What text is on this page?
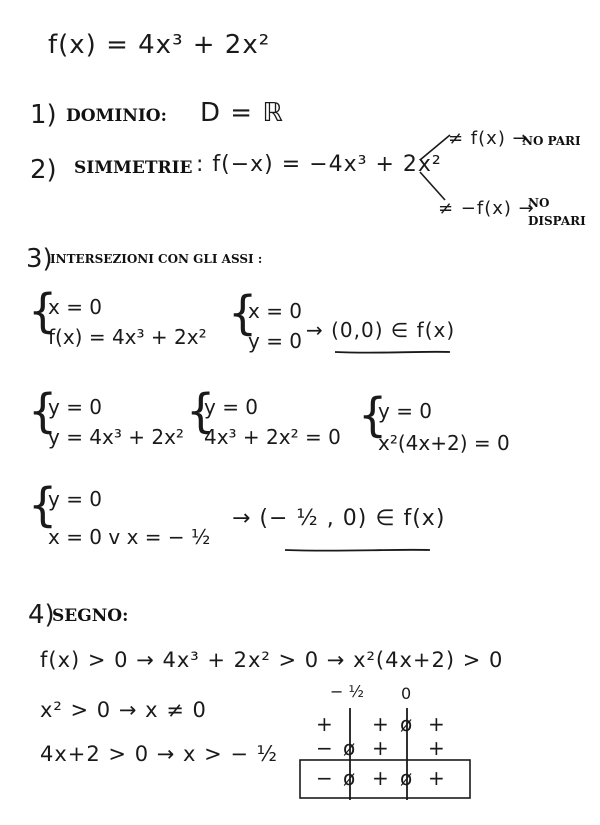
f(x) = 4x³ + 2x²
1) DOMINIO: D = ℝ
2) SIMMETRIE : f(−x) = −4x³ + 2x²
≠ f(x) →
NO PARI
≠ −f(x) →
NO
DISPARI
3)
INTERSEZIONI CON GLI ASSI :
{
x = 0
f(x) = 4x³ + 2x² {
x = 0
y = 0 → (0,0) ∈ f(x)
{
y = 0
y = 4x³ + 2x² {
y = 0
4x³ + 2x² = 0 {
y = 0
x²(4x+2) = 0
{
y = 0
x = 0 v x = − ½
→ (− ½ , 0) ∈ f(x)
4)
SEGNO:
f(x) > 0 → 4x³ + 2x² > 0 → x²(4x+2) > 0
x² > 0 → x ≠ 0
4x+2 > 0 → x > − ½
− ½ 0
+ + +
ø
− + +
ø
− + +
ø ø
